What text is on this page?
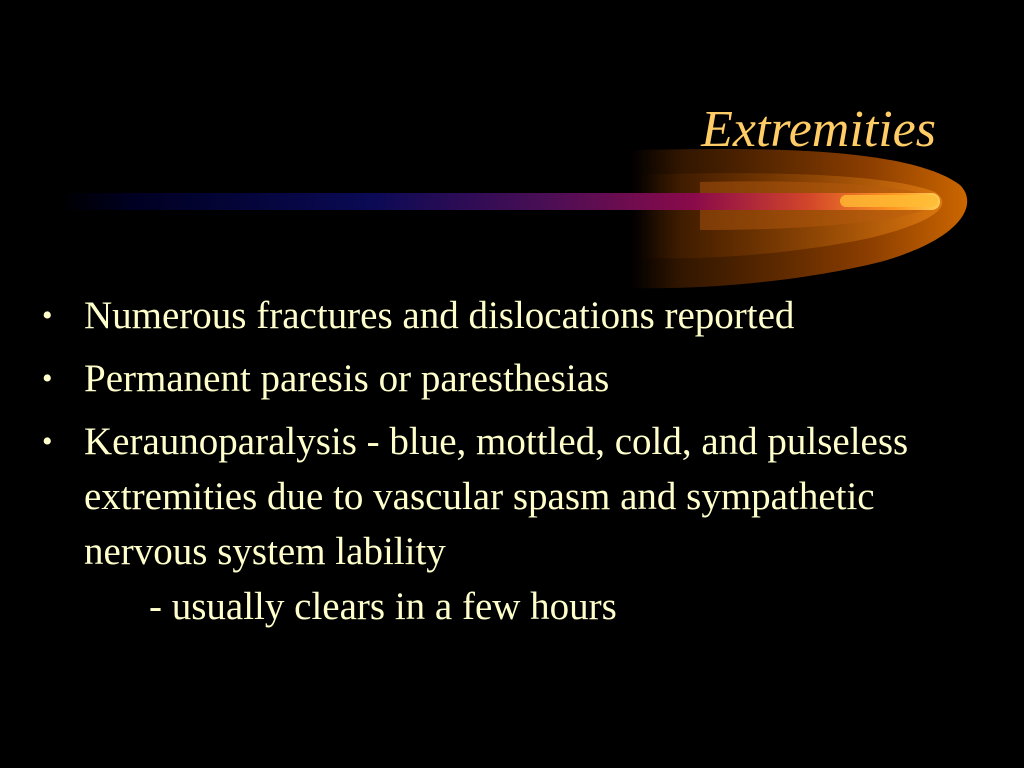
Extremities
• Numerous fractures and dislocations reported
• Permanent paresis or paresthesias
• Keraunoparalysis - blue, mottled, cold, and pulseless extremities due to vascular spasm and sympathetic nervous system lability
- usually clears in a few hours
